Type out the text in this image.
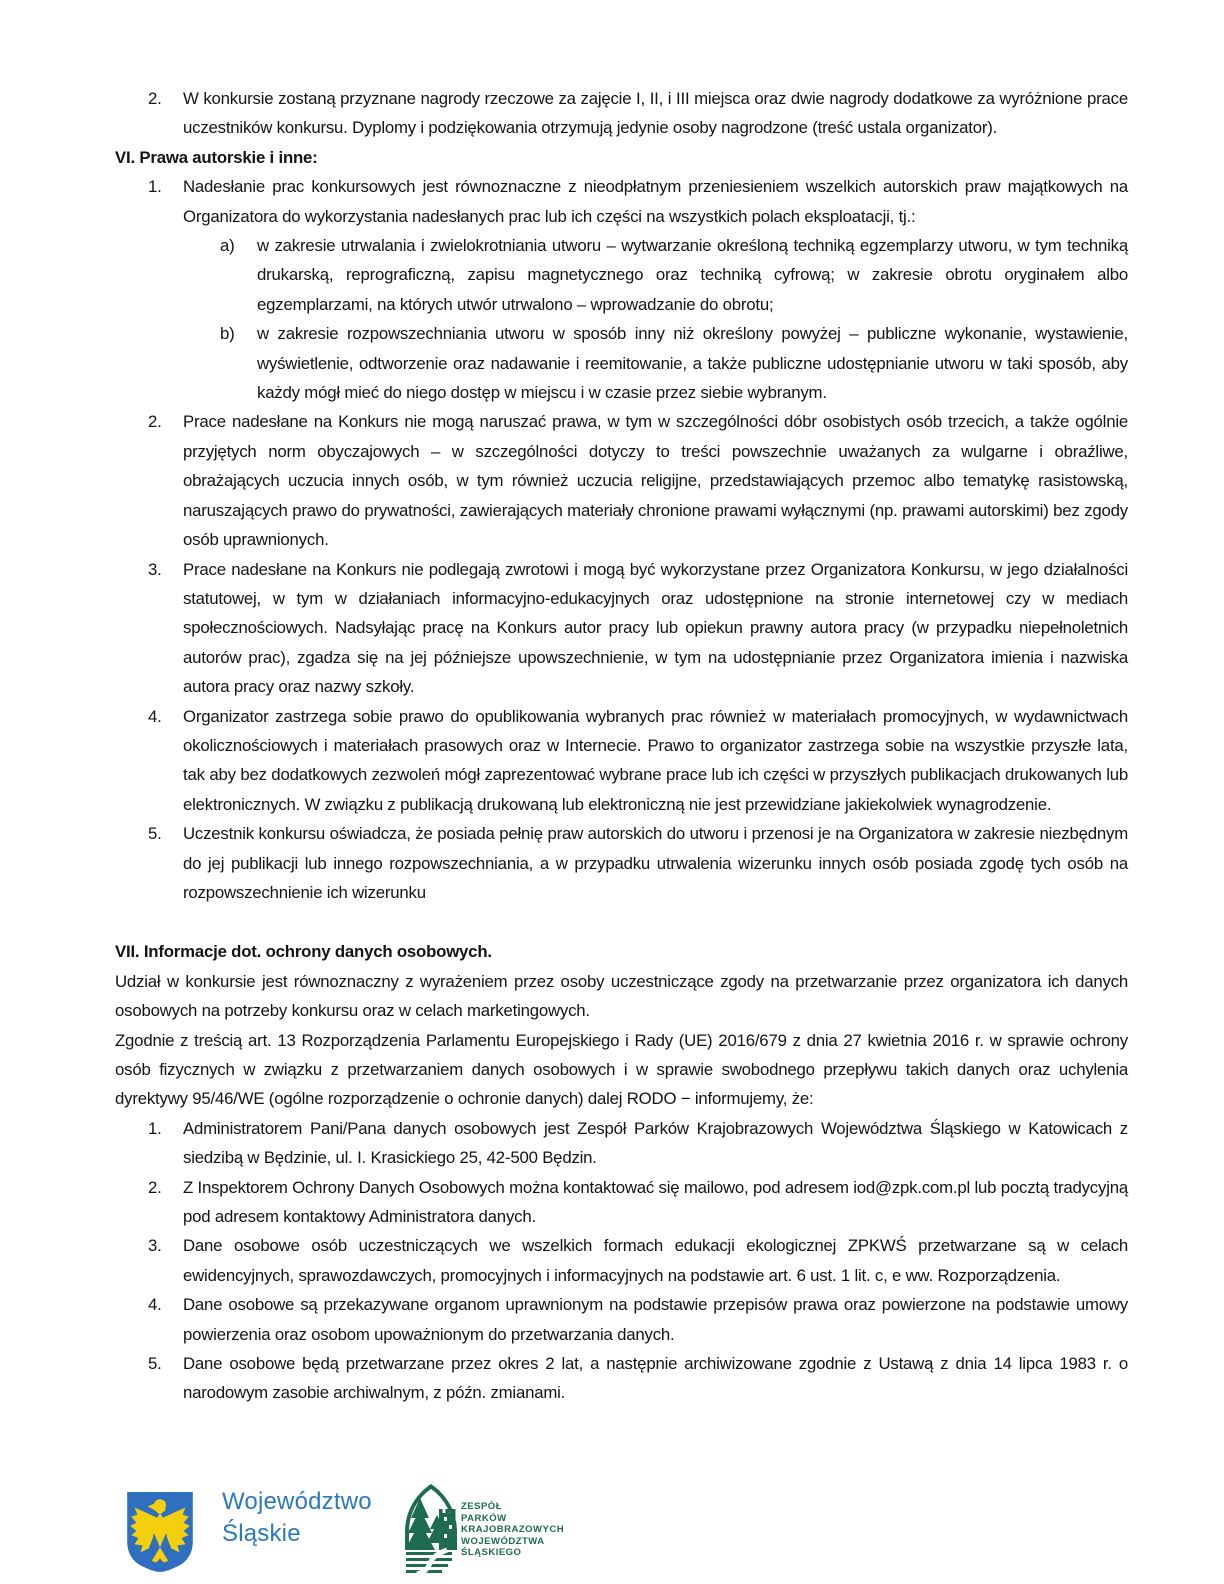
2.	W konkursie zostaną przyznane nagrody rzeczowe za zajęcie I, II, i III miejsca oraz dwie nagrody dodatkowe za wyróżnione prace uczestników konkursu. Dyplomy i podziękowania otrzymują jedynie osoby nagrodzone (treść ustala organizator).

VI. Prawa autorskie i inne:

1.	Nadesłanie prac konkursowych jest równoznaczne z nieodpłatnym przeniesieniem wszelkich autorskich praw majątkowych na Organizatora do wykorzystania nadesłanych prac lub ich części na wszystkich polach eksploatacji, tj.:

a)	w zakresie utrwalania i zwielokrotniania utworu – wytwarzanie określoną techniką egzemplarzy utworu, w tym techniką drukarską, reprograficzną, zapisu magnetycznego oraz techniką cyfrową; w zakresie obrotu oryginałem albo egzemplarzami, na których utwór utrwalono – wprowadzanie do obrotu;

b)	w zakresie rozpowszechniania utworu w sposób inny niż określony powyżej – publiczne wykonanie, wystawienie, wyświetlenie, odtworzenie oraz nadawanie i reemitowanie, a także publiczne udostępnianie utworu w taki sposób, aby każdy mógł mieć do niego dostęp w miejscu i w czasie przez siebie wybranym.

2.	Prace nadesłane na Konkurs nie mogą naruszać prawa, w tym w szczególności dóbr osobistych osób trzecich, a także ogólnie przyjętych norm obyczajowych – w szczególności dotyczy to treści powszechnie uważanych za wulgarne i obraźliwe, obrażających uczucia innych osób, w tym również uczucia religijne, przedstawiających przemoc albo tematykę rasistowską, naruszających prawo do prywatności, zawierających materiały chronione prawami wyłącznymi (np. prawami autorskimi) bez zgody osób uprawnionych.

3.	Prace nadesłane na Konkurs nie podlegają zwrotowi i mogą być wykorzystane przez Organizatora Konkursu, w jego działalności statutowej, w tym w działaniach informacyjno-edukacyjnych oraz udostępnione na stronie internetowej czy w mediach społecznościowych. Nadsyłając pracę na Konkurs autor pracy lub opiekun prawny autora pracy (w przypadku niepełnoletnich autorów prac), zgadza się na jej późniejsze upowszechnienie, w tym na udostępnianie przez Organizatora imienia i nazwiska autora pracy oraz nazwy szkoły.

4.	Organizator zastrzega sobie prawo do opublikowania wybranych prac również w materiałach promocyjnych, w wydawnictwach okolicznościowych i materiałach prasowych oraz w Internecie. Prawo to organizator zastrzega sobie na wszystkie przyszłe lata, tak aby bez dodatkowych zezwoleń mógł zaprezentować wybrane prace lub ich części w przyszłych publikacjach drukowanych lub elektronicznych. W związku z publikacją drukowaną lub elektroniczną nie jest przewidziane jakiekolwiek wynagrodzenie.

5.	Uczestnik konkursu oświadcza, że posiada pełnię praw autorskich do utworu i przenosi je na Organizatora w zakresie niezbędnym do jej publikacji lub innego rozpowszechniania, a w przypadku utrwalenia wizerunku innych osób posiada zgodę tych osób na rozpowszechnienie ich wizerunku

VII. Informacje dot. ochrony danych osobowych.

Udział w konkursie jest równoznaczny z wyrażeniem przez osoby uczestniczące zgody na przetwarzanie przez organizatora ich danych osobowych na potrzeby konkursu oraz w celach marketingowych.

Zgodnie z treścią art. 13 Rozporządzenia Parlamentu Europejskiego i Rady (UE) 2016/679 z dnia 27 kwietnia 2016 r. w sprawie ochrony osób fizycznych w związku z przetwarzaniem danych osobowych i w sprawie swobodnego przepływu takich danych oraz uchylenia dyrektywy 95/46/WE (ogólne rozporządzenie o ochronie danych) dalej RODO − informujemy, że:

1.	Administratorem Pani/Pana danych osobowych jest Zespół Parków Krajobrazowych Województwa Śląskiego w Katowicach z siedzibą w Będzinie, ul. I. Krasickiego 25, 42-500 Będzin.

2.	Z Inspektorem Ochrony Danych Osobowych można kontaktować się mailowo, pod adresem iod@zpk.com.pl lub pocztą tradycyjną pod adresem kontaktowy Administratora danych.

3.	Dane osobowe osób uczestniczących we wszelkich formach edukacji ekologicznej ZPKWŚ przetwarzane są w celach ewidencyjnych, sprawozdawczych, promocyjnych i informacyjnych na podstawie art. 6 ust. 1 lit. c, e ww. Rozporządzenia.

4.	Dane osobowe są przekazywane organom uprawnionym na podstawie przepisów prawa oraz powierzone na podstawie umowy powierzenia oraz osobom upoważnionym do przetwarzania danych.

5.	Dane osobowe będą przetwarzane przez okres 2 lat, a następnie archiwizowane zgodnie z Ustawą z dnia 14 lipca 1983 r. o narodowym zasobie archiwalnym, z późn. zmianami.

Województwo
Śląskie
ZESPÓŁ
PARKÓW
KRAJOBRAZOWYCH
WOJEWÓDZTWA
ŚLĄSKIEGO
